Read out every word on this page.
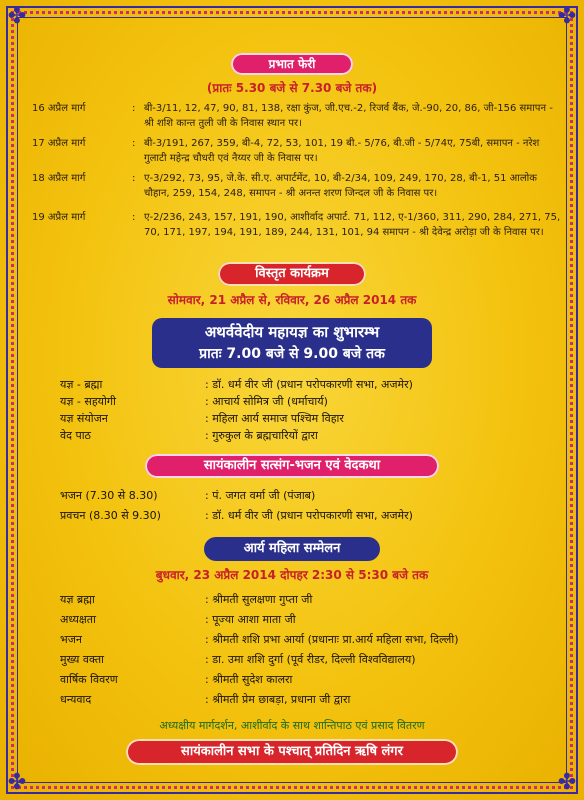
✤	✤
✤	✤
प्रभात फेरी
(प्रातः 5.30 बजे से 7.30 बजे तक)
16 अप्रैल मार्ग	: बी-3/11, 12, 47, 90, 81, 138, रक्षा कुंज, जी.एच.-2, रिजर्व बैंक, जे.-90, 20, 86, जी-156 समापन - श्री शशि कान्त तुली जी के निवास स्थान पर।
17 अप्रैल मार्ग	: बी-3/191, 267, 359, बी-4, 72, 53, 101, 19 बी.- 5/76, बी.जी - 5/74ए, 75बी, समापन - नरेश गुलाटी महेन्द्र चौधरी एवं नैय्यर जी के निवास पर।
18 अप्रैल मार्ग	: ए-3/292, 73, 95, जे.के. सी.ए. अपार्टमेंट, 10, बी-2/34, 109, 249, 170, 28, बी-1, 51 आलोक चौहान, 259, 154, 248, समापन - श्री अनन्त शरण जिन्दल जी के निवास पर।
19 अप्रैल मार्ग	: ए-2/236, 243, 157, 191, 190, आशीर्वाद अपार्ट. 71, 112, ए-1/360, 311, 290, 284, 271, 75, 70, 171, 197, 194, 191, 189, 244, 131, 101, 94 समापन - श्री देवेन्द्र अरोड़ा जी के निवास पर।
विस्तृत कार्यक्रम
सोमवार, 21 अप्रैल से, रविवार, 26 अप्रैल 2014 तक
अथर्ववेदीय महायज्ञ का शुभारम्भ
प्रातः 7.00 बजे से 9.00 बजे तक
यज्ञ - ब्रह्मा	: डॉ. धर्म वीर जी (प्रधान परोपकारणी सभा, अजमेर)
यज्ञ - सहयोगी	: आचार्य सोमित्र जी (धर्माचार्य)
यज्ञ संयोजन	: महिला आर्य समाज पश्चिम विहार
वेद पाठ	: गुरुकुल के ब्रह्मचारियों द्वारा
सायंकालीन सत्संग-भजन एवं वेदकथा
भजन (7.30 से 8.30)	: पं. जगत वर्मा जी (पंजाब)
प्रवचन (8.30 से 9.30)	: डॉ. धर्म वीर जी (प्रधान परोपकारणी सभा, अजमेर)
आर्य महिला सम्मेलन
बुधवार, 23 अप्रैल 2014 दोपहर 2:30 से 5:30 बजे तक
यज्ञ ब्रह्मा	: श्रीमती सुलक्षणा गुप्ता जी
अध्यक्षता	: पूज्या आशा माता जी
भजन	: श्रीमती शशि प्रभा आर्या (प्रधानाः प्रा.आर्य महिला सभा, दिल्ली)
मुख्य वक्ता	: डा. उमा शशि दुर्गा (पूर्व रीडर, दिल्ली विश्वविद्यालय)
वार्षिक विवरण	: श्रीमती सुदेश कालरा
धन्यवाद	: श्रीमती प्रेम छाबड़ा, प्रधाना जी द्वारा
अध्यक्षीय मार्गदर्शन, आशीर्वाद के साथ शान्तिपाठ एवं प्रसाद वितरण
सायंकालीन सभा के पश्चात् प्रतिदिन ऋषि लंगर
